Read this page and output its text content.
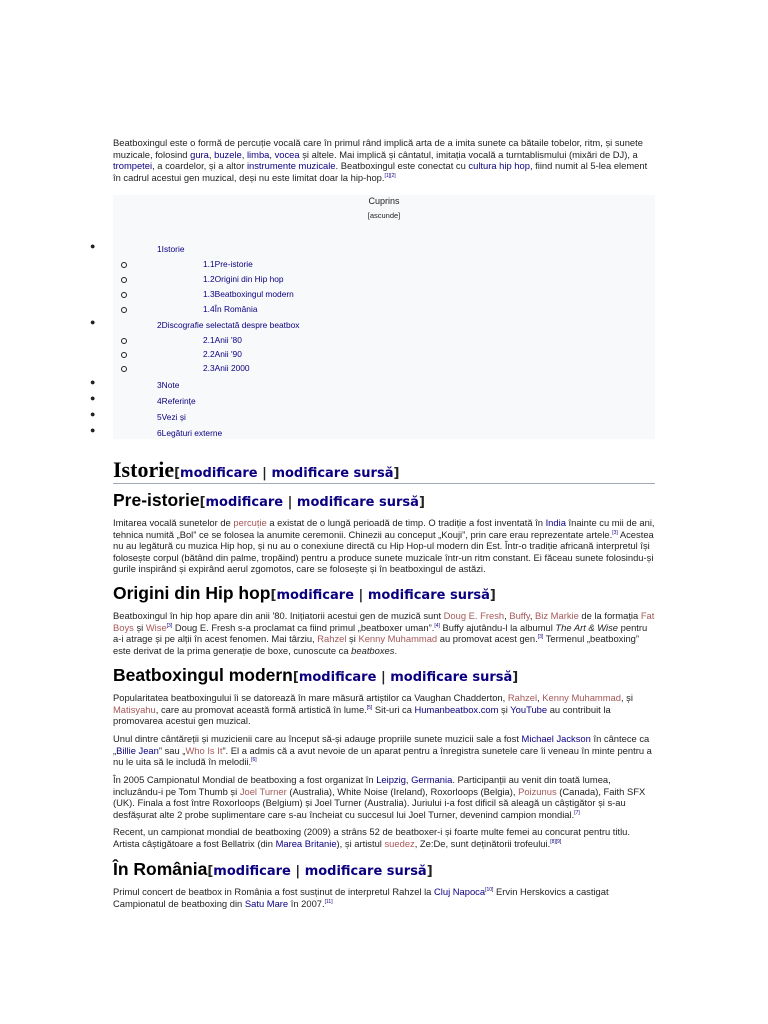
Beatboxingul este o formă de percuție vocală care în primul rând implică arta de a imita sunete ca bătaile tobelor, ritm, și sunete muzicale, folosind gura, buzele, limba, vocea și altele. Mai implică și cântatul, imitația vocală a turntablismului (mixări de DJ), a trompetei, a coardelor, și a altor instrumente muzicale. Beatboxingul este conectat cu cultura hip hop, fiind numit al 5-lea element în cadrul acestui gen muzical, deși nu este limitat doar la hip-hop.[1][2]

Cuprins
[ascunde]
●	1Istorie
1.1Pre-istorie
1.2Origini din Hip hop
1.3Beatboxingul modern
1.4În România
●	2Discografie selectată despre beatbox
2.1Anii '80
2.2Anii '90
2.3Anii 2000
●	3Note
●	4Referințe
●	5Vezi și
●	6Legături externe
Istorie[modificare | modificare sursă]
Pre-istorie[modificare | modificare sursă]

Imitarea vocală sunetelor de percuție a existat de o lungă perioadă de timp. O tradiție a fost inventată în India înainte cu mii de ani, tehnica numită „Bol” ce se folosea la anumite ceremonii. Chinezii au conceput „Kouji”, prin care erau reprezentate artele.[3] Acestea nu au legătură cu muzica Hip hop, și nu au o conexiune directă cu Hip Hop-ul modern din Est. Într-o tradiție africană interpretul își folosește corpul (bătând din palme, tropăind) pentru a produce sunete muzicale într-un ritm constant. Ei făceau sunete folosindu-și gurile inspirând și expirând aerul zgomotos, care se folosește și în beatboxingul de astăzi.

Origini din Hip hop[modificare | modificare sursă]

Beatboxingul în hip hop apare din anii '80. Inițiatorii acestui gen de muzică sunt Doug E. Fresh, Buffy, Biz Markie de la formația Fat Boys și Wise[3] Doug E. Fresh s-a proclamat ca fiind primul „beatboxer uman”.[4] Buffy ajutându-l la albumul The Art & Wise pentru a-i atrage și pe alții în acest fenomen. Mai târziu, Rahzel și Kenny Muhammad au promovat acest gen.[3] Termenul „beatboxing” este derivat de la prima generație de boxe, cunoscute ca beatboxes.

Beatboxingul modern[modificare | modificare sursă]

Popularitatea beatboxingului îi se datorează în mare măsură artiștilor ca Vaughan Chadderton, Rahzel, Kenny Muhammad, și Matisyahu, care au promovat această formă artistică în lume.[5] Sit-uri ca Humanbeatbox.com și YouTube au contribuit la promovarea acestui gen muzical.

Unul dintre cântăreții și muzicienii care au început să-și adauge propriile sunete muzicii sale a fost Michael Jackson în cântece ca „Billie Jean” sau „Who Is It”. El a admis că a avut nevoie de un aparat pentru a înregistra sunetele care îi veneau în minte pentru a nu le uita să le includă în melodii.[6]

În 2005 Campionatul Mondial de beatboxing a fost organizat în Leipzig, Germania. Participanții au venit din toată lumea, incluzându-i pe Tom Thumb și Joel Turner (Australia), White Noise (Ireland), Roxorloops (Belgia), Poizunus (Canada), Faith SFX (UK). Finala a fost între Roxorloops (Belgium) și Joel Turner (Australia). Juriului i-a fost dificil să aleagă un câștigător și s-au desfășurat alte 2 probe suplimentare care s-au încheiat cu succesul lui Joel Turner, devenind campion mondial.[7]

Recent, un campionat mondial de beatboxing (2009) a strâns 52 de beatboxer-i și foarte multe femei au concurat pentru titlu. Artista câștigătoare a fost Bellatrix (din Marea Britanie), și artistul suedez, Ze:De, sunt deținătorii trofeului.[8][9]

În România[modificare | modificare sursă]

Primul concert de beatbox in România a fost susținut de interpretul Rahzel la Cluj Napoca[10] Ervin Herskovics a castigat Campionatul de beatboxing din Satu Mare în 2007.[11]
